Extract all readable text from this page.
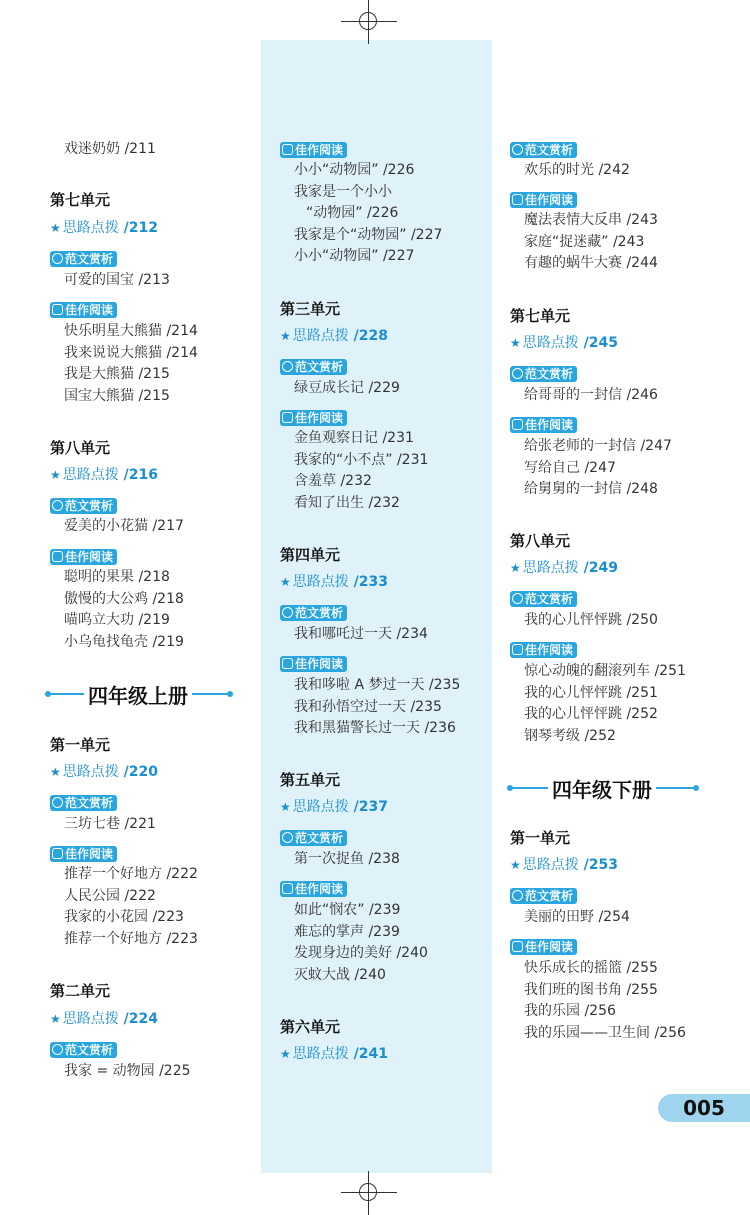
戏迷奶奶 /211
第七单元
★ 思路点拨 /212
范文赏析
可爱的国宝 /213
佳作阅读
快乐明星大熊猫 /214
我来说说大熊猫 /214
我是大熊猫 /215
国宝大熊猫 /215
第八单元
★ 思路点拨 /216
范文赏析
爱美的小花猫 /217
佳作阅读
聪明的果果 /218
傲慢的大公鸡 /218
喵呜立大功 /219
小乌龟找龟壳 /219
四年级上册
第一单元
★ 思路点拨 /220
范文赏析
三坊七巷 /221
佳作阅读
推荐一个好地方 /222
人民公园 /222
我家的小花园 /223
推荐一个好地方 /223
第二单元
★ 思路点拨 /224
范文赏析
我家 = 动物园 /225
佳作阅读
小小“动物园” /226
我家是一个小小
“动物园” /226
我家是个“动物园” /227
小小“动物园” /227
第三单元
★ 思路点拨 /228
范文赏析
绿豆成长记 /229
佳作阅读
金鱼观察日记 /231
我家的“小不点” /231
含羞草 /232
看知了出生 /232
第四单元
★ 思路点拨 /233
范文赏析
我和哪吒过一天 /234
佳作阅读
我和哆啦 A 梦过一天 /235
我和孙悟空过一天 /235
我和黑猫警长过一天 /236
第五单元
★ 思路点拨 /237
范文赏析
第一次捉鱼 /238
佳作阅读
如此“悯农” /239
难忘的掌声 /239
发现身边的美好 /240
灭蚊大战 /240
第六单元
★ 思路点拨 /241
范文赏析
欢乐的时光 /242
佳作阅读
魔法表情大反串 /243
家庭“捉迷藏” /243
有趣的蜗牛大赛 /244
第七单元
★ 思路点拨 /245
范文赏析
给哥哥的一封信 /246
佳作阅读
给张老师的一封信 /247
写给自己 /247
给舅舅的一封信 /248
第八单元
★ 思路点拨 /249
范文赏析
我的心儿怦怦跳 /250
佳作阅读
惊心动魄的翻滚列车 /251
我的心儿怦怦跳 /251
我的心儿怦怦跳 /252
钢琴考级 /252
四年级下册
第一单元
★ 思路点拨 /253
范文赏析
美丽的田野 /254
佳作阅读
快乐成长的摇篮 /255
我们班的图书角 /255
我的乐园 /256
我的乐园——卫生间 /256
005
